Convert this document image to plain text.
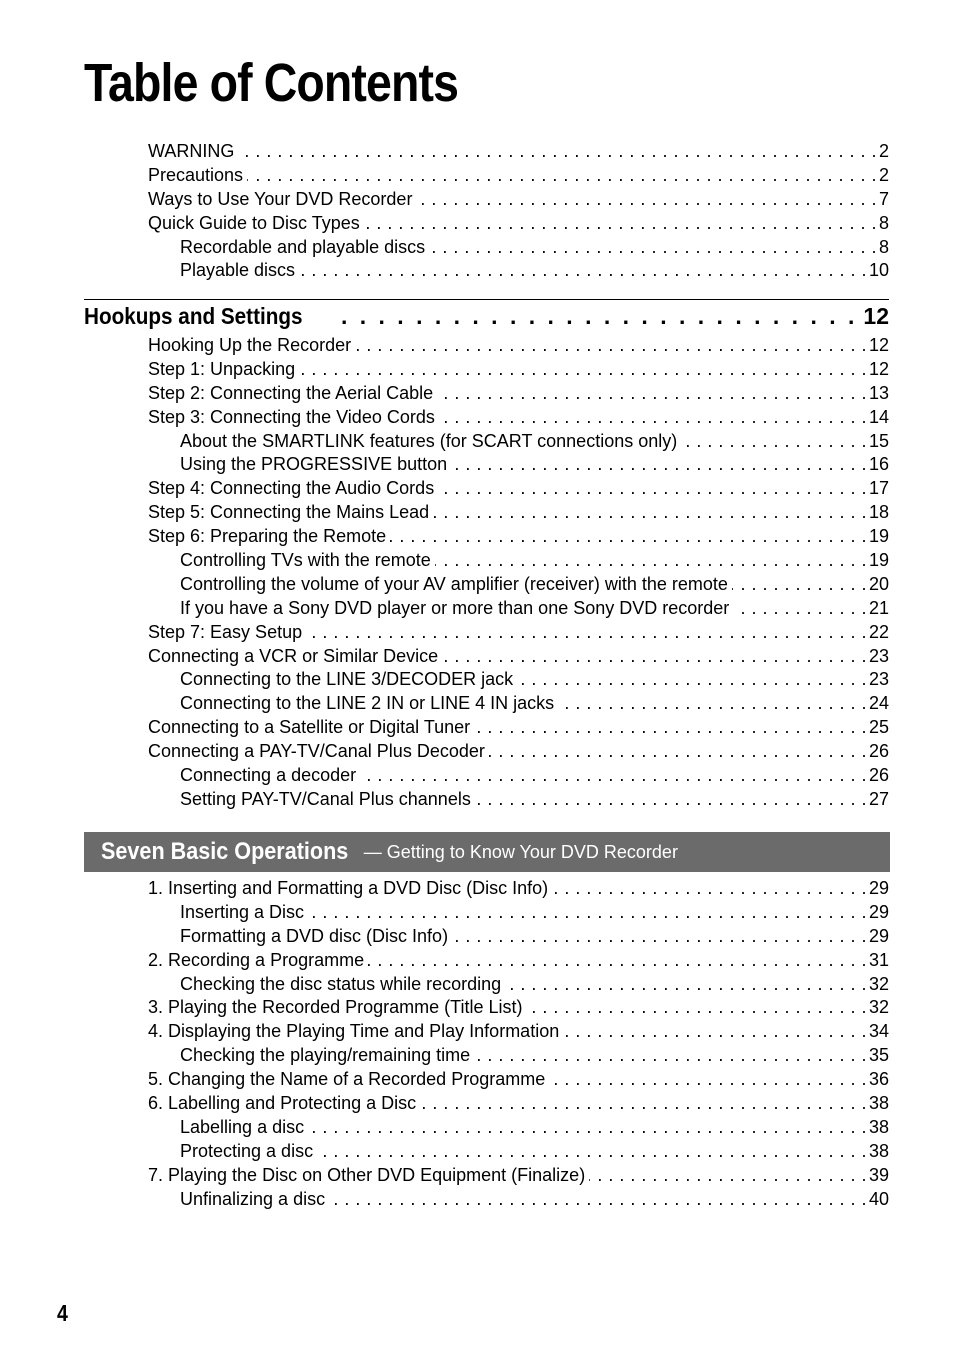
Table of Contents
WARNING . . .	2
Precautions . . .	2
Ways to Use Your DVD Recorder . . .	7
Quick Guide to Disc Types . . .	8
Recordable and playable discs . . .	8
Playable discs . . .	10
Hookups and Settings . . .	12
Hooking Up the Recorder . . .	12
Step 1: Unpacking . . .	12
Step 2: Connecting the Aerial Cable . . .	13
Step 3: Connecting the Video Cords . . .	14
About the SMARTLINK features (for SCART connections only) . . .	15
Using the PROGRESSIVE button . . .	16
Step 4: Connecting the Audio Cords . . .	17
Step 5: Connecting the Mains Lead . . .	18
Step 6: Preparing the Remote . . .	19
Controlling TVs with the remote . . .	19
Controlling the volume of your AV amplifier (receiver) with the remote . . .	20
If you have a Sony DVD player or more than one Sony DVD recorder . . .	21
Step 7: Easy Setup . . .	22
Connecting a VCR or Similar Device . . .	23
Connecting to the LINE 3/DECODER jack . . .	23
Connecting to the LINE 2 IN or LINE 4 IN jacks . . .	24
Connecting to a Satellite or Digital Tuner . . .	25
Connecting a PAY-TV/Canal Plus Decoder . . .	26
Connecting a decoder . . .	26
Setting PAY-TV/Canal Plus channels . . .	27
Seven Basic Operations — Getting to Know Your DVD Recorder
1. Inserting and Formatting a DVD Disc (Disc Info) . . .	29
Inserting a Disc . . .	29
Formatting a DVD disc (Disc Info) . . .	29
2. Recording a Programme . . .	31
Checking the disc status while recording . . .	32
3. Playing the Recorded Programme (Title List) . . .	32
4. Displaying the Playing Time and Play Information . . .	34
Checking the playing/remaining time . . .	35
5. Changing the Name of a Recorded Programme . . .	36
6. Labelling and Protecting a Disc . . .	38
Labelling a disc . . .	38
Protecting a disc . . .	38
7. Playing the Disc on Other DVD Equipment (Finalize) . . .	39
Unfinalizing a disc . . .	40
4
